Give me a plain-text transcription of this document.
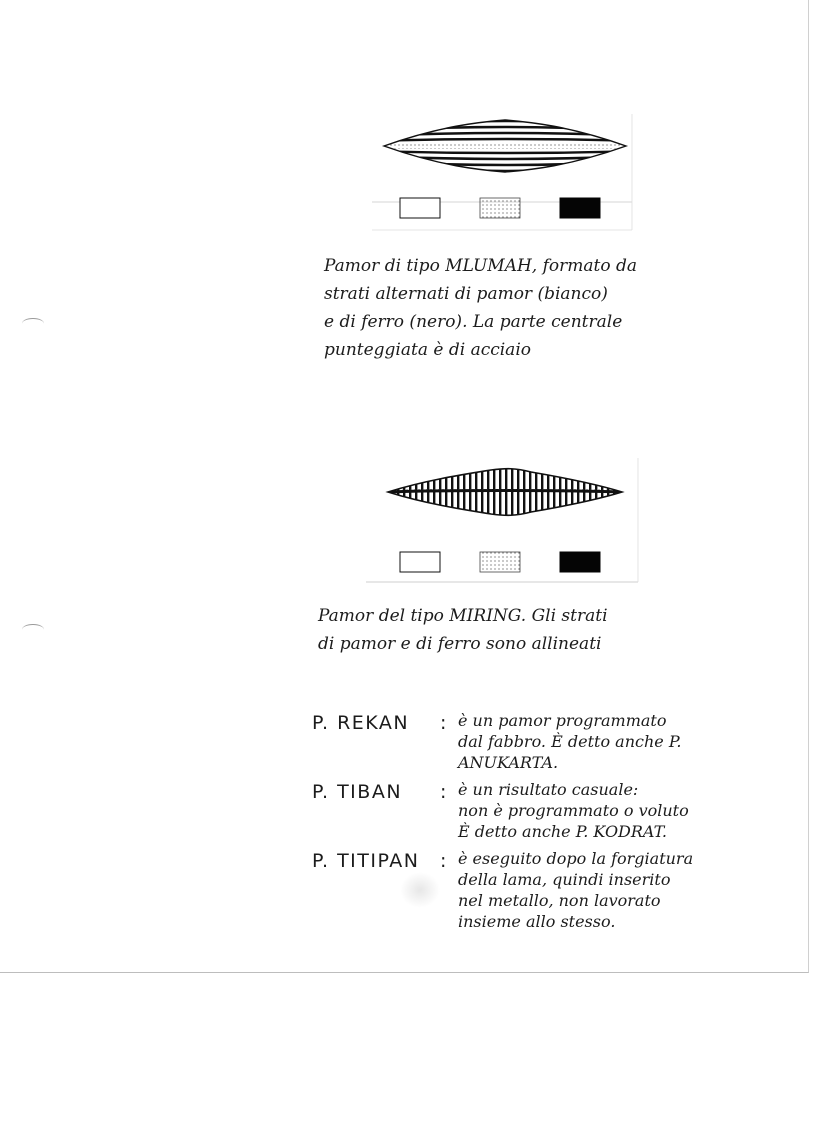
Pamor di tipo MLUMAH, formato da
strati alternati di pamor (bianco)
e di ferro (nero). La parte centrale
punteggiata è di acciaio

Pamor del tipo MIRING. Gli strati
di pamor e di ferro sono allineati

P. REKAN	: è un pamor programmato
dal fabbro. È detto anche P.
ANUKARTA.
P. TIBAN	: è un risultato casuale:
non è programmato o voluto
È detto anche P. KODRAT.
P. TITIPAN	: è eseguito dopo la forgiatura
della lama, quindi inserito
nel metallo, non lavorato
insieme allo stesso.
